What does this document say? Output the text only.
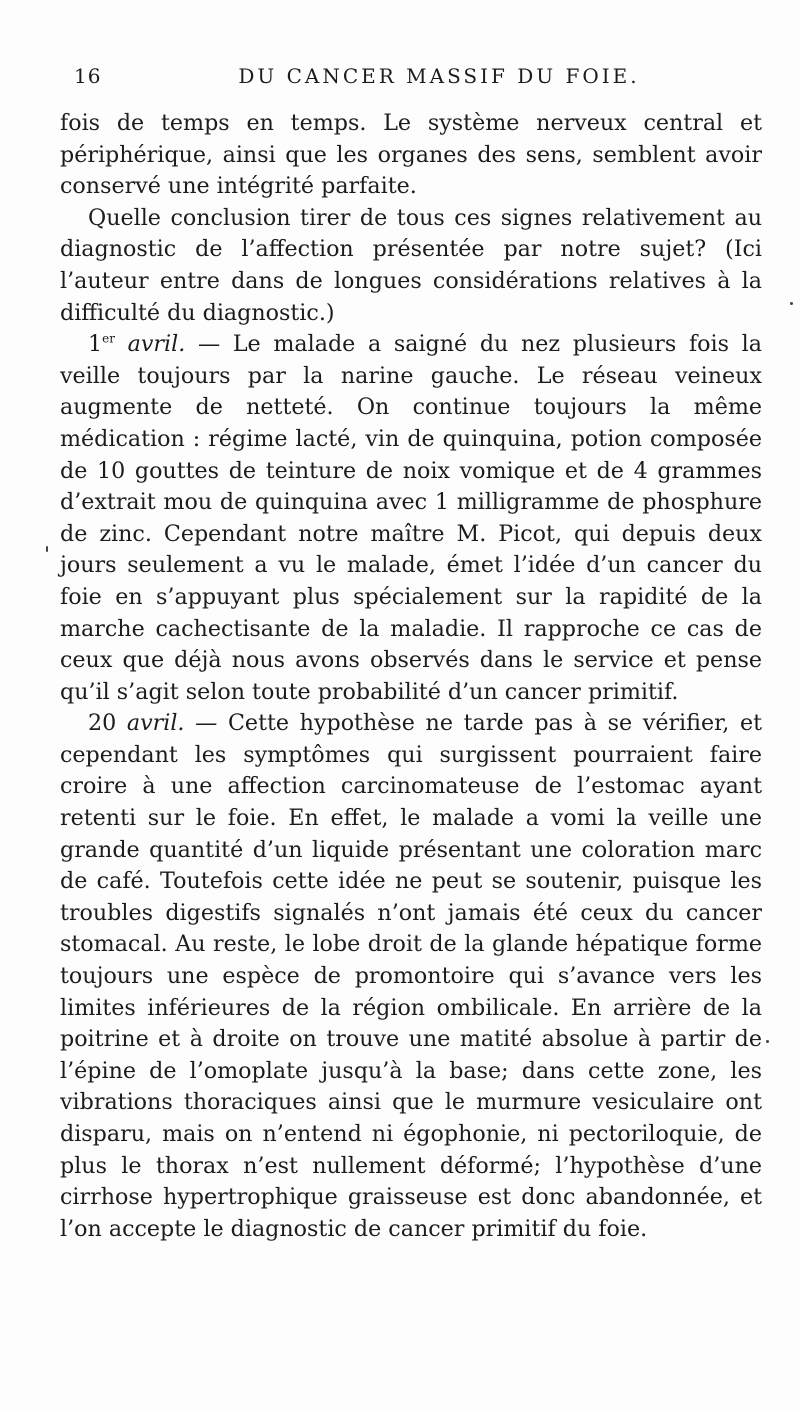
16	DU CANCER MASSIF DU FOIE.

fois de temps en temps. Le système nerveux central et périphérique, ainsi que les organes des sens, semblent avoir conservé une intégrité parfaite.

Quelle conclusion tirer de tous ces signes relativement au diagnostic de l’affection présentée par notre sujet? (Ici l’auteur entre dans de longues considérations relatives à la difficulté du diagnostic.)

1er avril. — Le malade a saigné du nez plusieurs fois la veille toujours par la narine gauche. Le réseau veineux augmente de netteté. On continue toujours la même médication : régime lacté, vin de quinquina, potion composée de 10 gouttes de teinture de noix vomique et de 4 grammes d’extrait mou de quinquina avec 1 milligramme de phosphure de zinc. Cependant notre maître M. Picot, qui depuis deux jours seulement a vu le malade, émet l’idée d’un cancer du foie en s’appuyant plus spécialement sur la rapidité de la marche cachectisante de la maladie. Il rapproche ce cas de ceux que déjà nous avons observés dans le service et pense qu’il s’agit selon toute probabilité d’un cancer primitif.

20 avril. — Cette hypothèse ne tarde pas à se vérifier, et cependant les symptômes qui surgissent pourraient faire croire à une affection carcinomateuse de l’estomac ayant retenti sur le foie. En effet, le malade a vomi la veille une grande quantité d’un liquide présentant une coloration marc de café. Toutefois cette idée ne peut se soutenir, puisque les troubles digestifs signalés n’ont jamais été ceux du cancer stomacal. Au reste, le lobe droit de la glande hépatique forme toujours une espèce de promontoire qui s’avance vers les limites inférieures de la région ombilicale. En arrière de la poitrine et à droite on trouve une matité absolue à partir de l’épine de l’omoplate jusqu’à la base; dans cette zone, les vibrations thoraciques ainsi que le murmure vesiculaire ont disparu, mais on n’entend ni égophonie, ni pectoriloquie, de plus le thorax n’est nullement déformé; l’hypothèse d’une cirrhose hypertrophique graisseuse est donc abandonnée, et l’on accepte le diagnostic de cancer primitif du foie.
